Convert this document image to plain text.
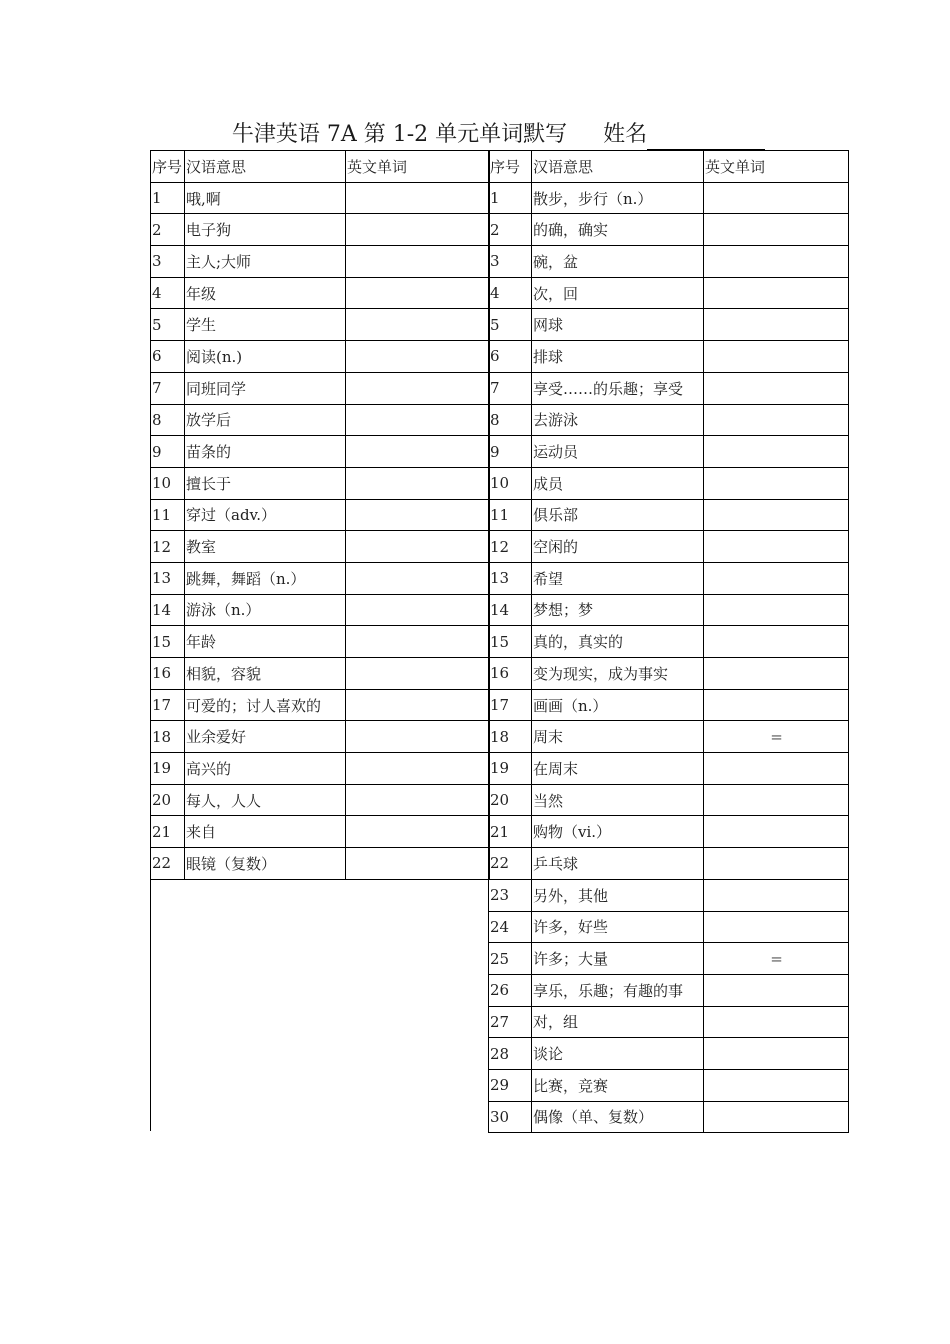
牛津英语 7A 第 1-2 单元单词默写 姓名
序号	汉语意思	英文单词
1	哦,啊	
2	电子狗	
3	主人;大师	
4	年级	
5	学生	
6	阅读(n.)	
7	同班同学	
8	放学后	
9	苗条的	
10	擅长于	
11	穿过（adv.）	
12	教室	
13	跳舞，舞蹈（n.）	
14	游泳（n.）	
15	年龄	
16	相貌，容貌	
17	可爱的；讨人喜欢的	
18	业余爱好	
19	高兴的	
20	每人，人人	
21	来自	
22	眼镜（复数）	
序号	汉语意思	英文单词
1	散步，步行（n.）	
2	的确，确实	
3	碗，盆	
4	次，回	
5	网球	
6	排球	
7	享受……的乐趣；享受	
8	去游泳	
9	运动员	
10	成员	
11	俱乐部	
12	空闲的	
13	希望	
14	梦想；梦	
15	真的，真实的	
16	变为现实，成为事实	
17	画画（n.）	
18	周末	=
19	在周末	
20	当然	
21	购物（vi.）	
22	乒乓球	
23	另外，其他	
24	许多，好些	
25	许多；大量	=
26	享乐，乐趣；有趣的事	
27	对，组	
28	谈论	
29	比赛，竞赛	
30	偶像（单、复数）	
